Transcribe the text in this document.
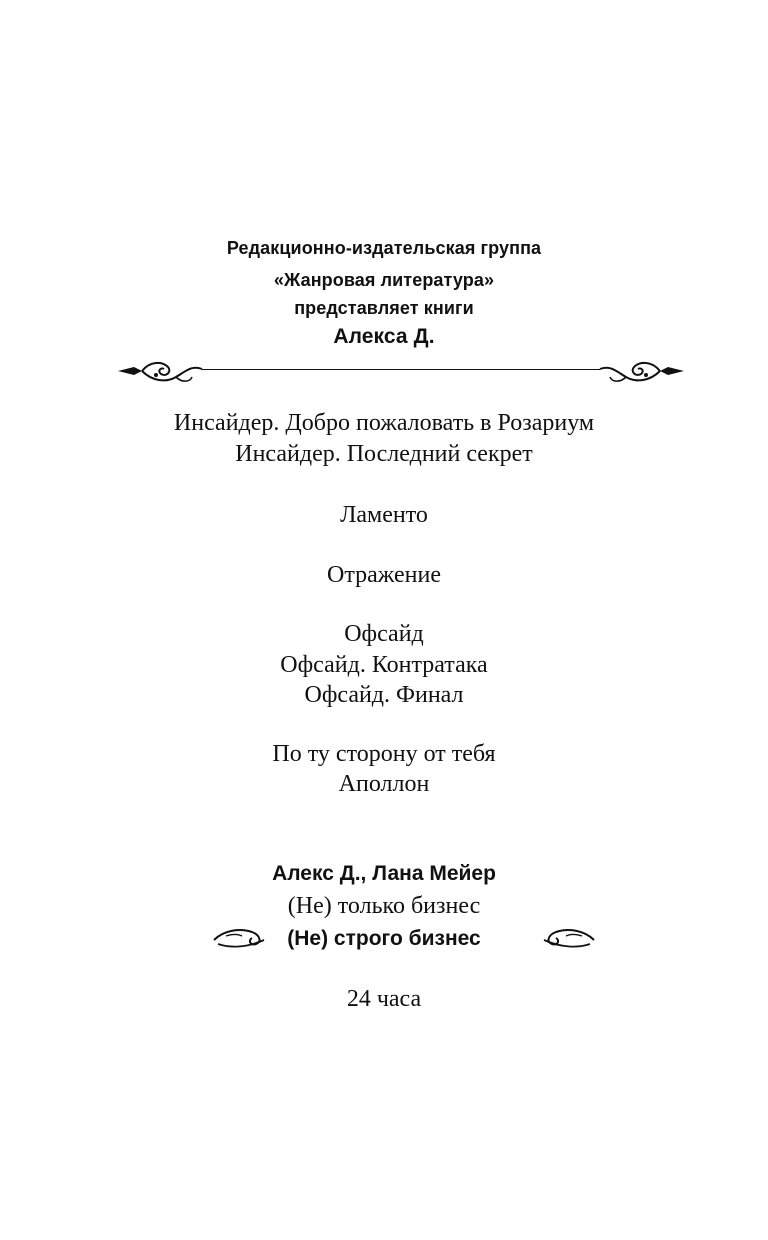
Редакционно-издательская группа
«Жанровая литература»
представляет книги
Алекса Д.
Инсайдер. Добро пожаловать в Розариум
Инсайдер. Последний секрет
Ламенто
Отражение
Офсайд
Офсайд. Контратака
Офсайд. Финал
По ту сторону от тебя
Аполлон
Алекс Д., Лана Мейер
(Не) только бизнес
(Не) строго бизнес
24 часа
